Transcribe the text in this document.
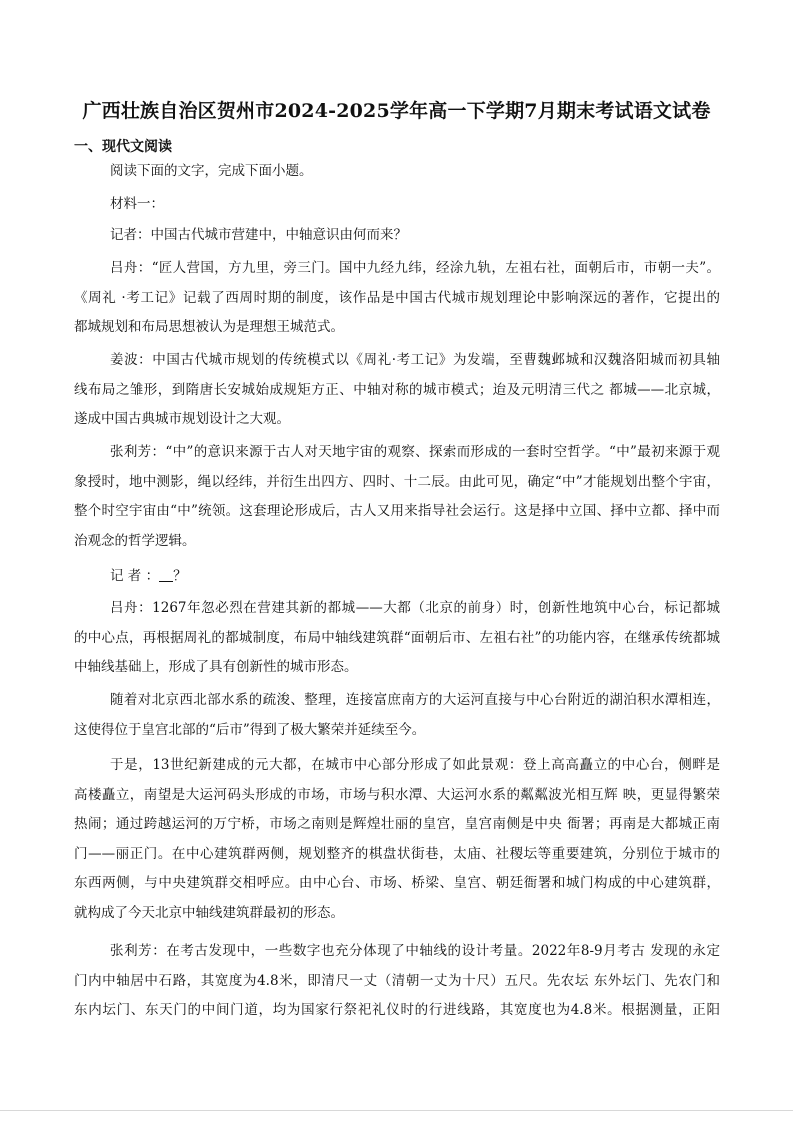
广西壮族自治区贺州市2024-2025学年高一下学期7月期末考试语文试卷
一、现代文阅读
阅读下面的文字，完成下面小题。
材料一：
记者：中国古代城市营建中，中轴意识由何而来？
吕舟：“匠人营国，方九里，旁三门。国中九经九纬，经涂九轨，左祖右社，面朝后市，市朝一夫”。
《周礼 ·考工记》记载了西周时期的制度，该作品是中国古代城市规划理论中影响深远的著作，它提出的
都城规划和布局思想被认为是理想王城范式。
姜波：中国古代城市规划的传统模式以《周礼·考工记》为发端，至曹魏邺城和汉魏洛阳城而初具轴
线布局之雏形，到隋唐长安城始成规矩方正、中轴对称的城市模式；迨及元明清三代之 都城——北京城，
遂成中国古典城市规划设计之大观。
张利芳：“中”的意识来源于古人对天地宇宙的观察、探索而形成的一套时空哲学。“中”最初来源于观
象授时，地中测影，绳以经纬，并衍生出四方、四时、十二辰。由此可见，确定“中”才能规划出整个宇宙，
整个时空宇宙由“中”统领。这套理论形成后，古人又用来指导社会运行。这是择中立国、择中立都、择中而
治观念的哲学逻辑。
记 者 ： ？
吕舟：1267年忽必烈在营建其新的都城——大都（北京的前身）时，创新性地筑中心台，标记都城
的中心点，再根据周礼的都城制度，布局中轴线建筑群“面朝后市、左祖右社”的功能内容，在继承传统都城
中轴线基础上，形成了具有创新性的城市形态。
随着对北京西北部水系的疏浚、整理，连接富庶南方的大运河直接与中心台附近的湖泊积水潭相连，
这使得位于皇宫北部的“后市”得到了极大繁荣并延续至今。
于是，13世纪新建成的元大都，在城市中心部分形成了如此景观：登上高高矗立的中心台，侧畔是
高楼矗立，南望是大运河码头形成的市场，市场与积水潭、大运河水系的粼粼波光相互辉 映，更显得繁荣
热闹；通过跨越运河的万宁桥，市场之南则是辉煌壮丽的皇宫，皇宫南侧是中央 衙署；再南是大都城正南
门——丽正门。在中心建筑群两侧，规划整齐的棋盘状街巷，太庙、社稷坛等重要建筑，分别位于城市的
东西两侧，与中央建筑群交相呼应。由中心台、市场、桥梁、皇宫、朝廷衙署和城门构成的中心建筑群，
就构成了今天北京中轴线建筑群最初的形态。
张利芳：在考古发现中，一些数字也充分体现了中轴线的设计考量。2022年8-9月考古 发现的永定
门内中轴居中石路，其宽度为4.8米，即清尺一丈（清朝一丈为十尺）五尺。先农坛 东外坛门、先农门和
东内坛门、东天门的中间门道，均为国家行祭祀礼仪时的行进线路，其宽度也为4.8米。根据测量，正阳
